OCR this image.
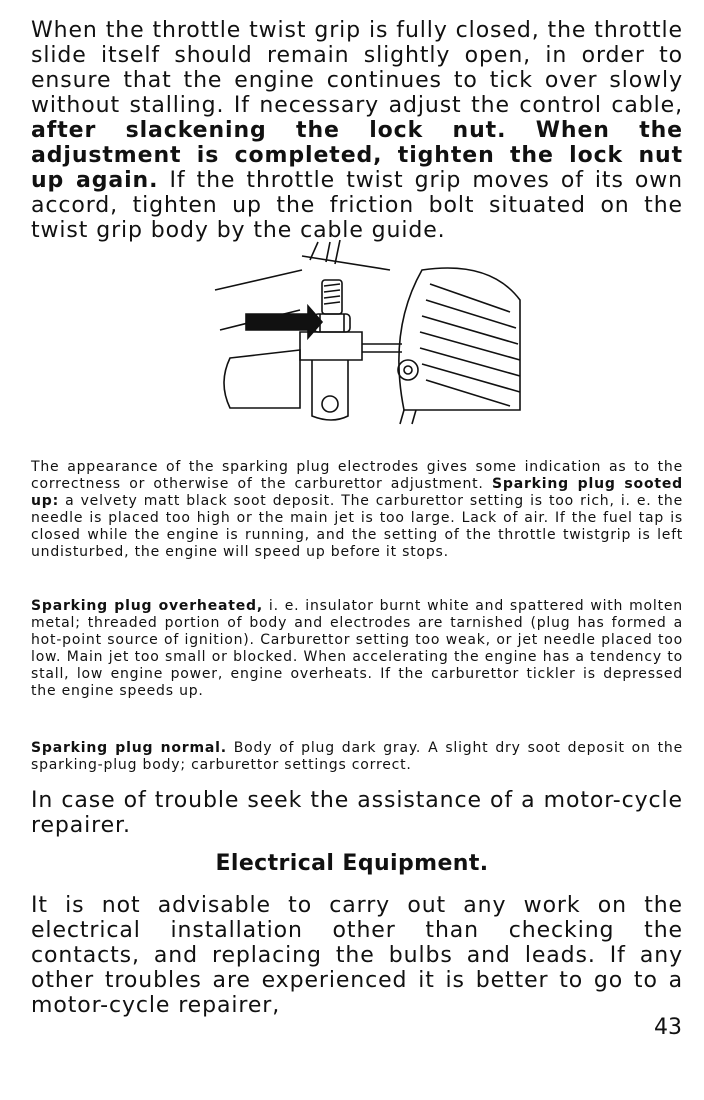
When the throttle twist grip is fully closed, the throttle slide itself should remain slightly open, in order to ensure that the engine continues to tick over slowly without stalling. If necessary adjust the control cable, after slackening the lock nut. When the adjustment is completed, tighten the lock nut up again. If the throttle twist grip moves of its own accord, tighten up the friction bolt situated on the twist grip body by the cable guide.

The appearance of the sparking plug electrodes gives some indication as to the correctness or otherwise of the carburettor adjustment. Sparking plug sooted up: a velvety matt black soot deposit. The carburettor setting is too rich, i. e. the needle is placed too high or the main jet is too large. Lack of air. If the fuel tap is closed while the engine is running, and the setting of the throttle twistgrip is left undisturbed, the engine will speed up before it stops.

Sparking plug overheated, i. e. insulator burnt white and spattered with molten metal; threaded portion of body and electrodes are tarnished (plug has formed a hot-point source of ignition). Carburettor setting too weak, or jet needle placed too low. Main jet too small or blocked. When accelerating the engine has a tendency to stall, low engine power, engine overheats. If the carburettor tickler is depressed the engine speeds up.

Sparking plug normal. Body of plug dark gray. A slight dry soot deposit on the sparking-plug body; carburettor settings correct.

In case of trouble seek the assistance of a motor-cycle repairer.

Electrical Equipment.

It is not advisable to carry out any work on the electrical installation other than checking the contacts, and replacing the bulbs and leads. If any other troubles are experienced it is better to go to a motor-cycle repairer,

43
